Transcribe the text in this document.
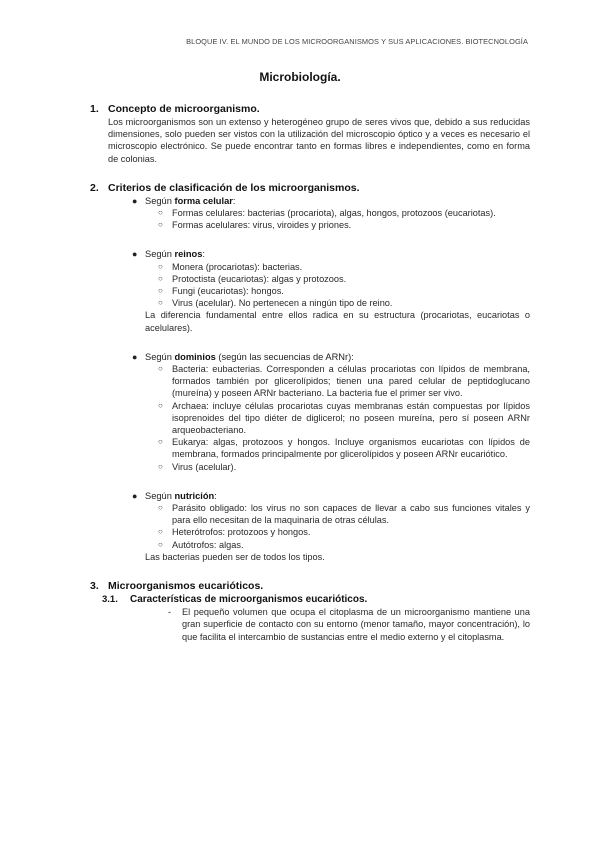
BLOQUE IV. EL MUNDO DE LOS MICROORGANISMOS Y SUS APLICACIONES. BIOTECNOLOGÍA
Microbiología.
1. Concepto de microorganismo.
Los microorganismos son un extenso y heterogéneo grupo de seres vivos que, debido a sus reducidas dimensiones, solo pueden ser vistos con la utilización del microscopio óptico y a veces es necesario el microscopio electrónico. Se puede encontrar tanto en formas libres e independientes, como en forma de colonias.
2. Criterios de clasificación de los microorganismos.
● Según forma celular:
○ Formas celulares: bacterias (procariota), algas, hongos, protozoos (eucariotas).
○ Formas acelulares: virus, viroides y priones.
● Según reinos:
○ Monera (procariotas): bacterias.
○ Protoctista (eucariotas): algas y protozoos.
○ Fungi (eucariotas): hongos.
○ Virus (acelular). No pertenecen a ningún tipo de reino.
La diferencia fundamental entre ellos radica en su estructura (procariotas, eucariotas o acelulares).
● Según dominios (según las secuencias de ARNr):
○ Bacteria: eubacterias. Corresponden a células procariotas con lípidos de membrana, formados también por glicerolípidos; tienen una pared celular de peptidoglucano (mureína) y poseen ARNr bacteriano. La bacteria fue el primer ser vivo.
○ Archaea: incluye células procariotas cuyas membranas están compuestas por lípidos isoprenoides del tipo diéter de diglicerol; no poseen mureína, pero sí poseen ARNr arqueobacteriano.
○ Eukarya: algas, protozoos y hongos. Incluye organismos eucariotas con lípidos de membrana, formados principalmente por glicerolípidos y poseen ARNr eucariótico.
○ Virus (acelular).
● Según nutrición:
○ Parásito obligado: los virus no son capaces de llevar a cabo sus funciones vitales y para ello necesitan de la maquinaria de otras células.
○ Heterótrofos: protozoos y hongos.
○ Autótrofos: algas.
Las bacterias pueden ser de todos los tipos.
3. Microorganismos eucarióticos.
3.1. Características de microorganismos eucarióticos.
- El pequeño volumen que ocupa el citoplasma de un microorganismo mantiene una gran superficie de contacto con su entorno (menor tamaño, mayor concentración), lo que facilita el intercambio de sustancias entre el medio externo y el citoplasma.
